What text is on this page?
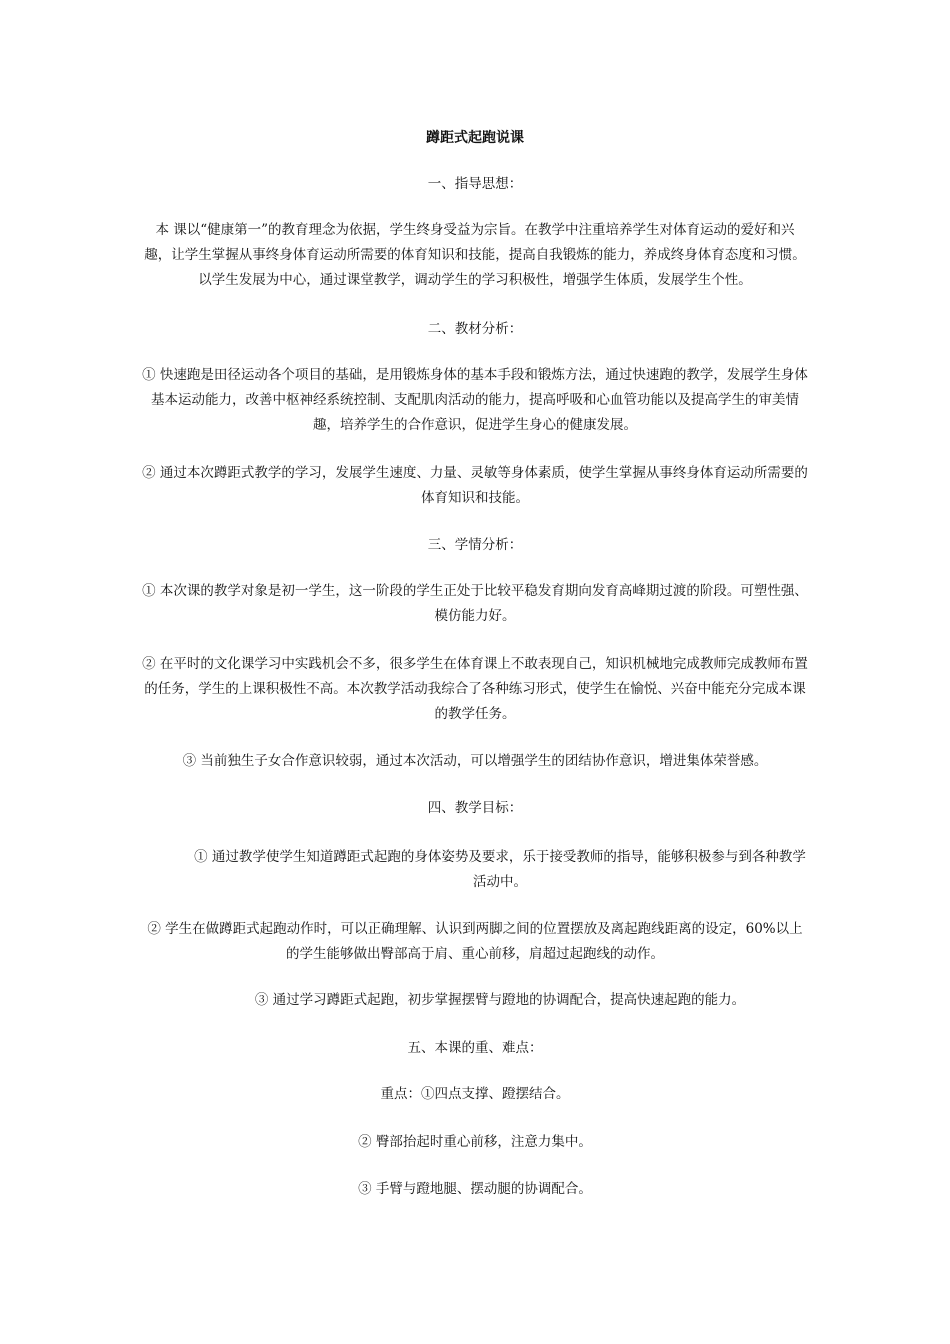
蹲距式起跑说课
一、指导思想：

本 课以“健康第一”的教育理念为依据，学生终身受益为宗旨。在教学中注重培养学生对体育运动的爱好和兴趣，让学生掌握从事终身体育运动所需要的体育知识和技能，提高自我锻炼的能力，养成终身体育态度和习惯。以学生发展为中心，通过课堂教学，调动学生的学习积极性，增强学生体质，发展学生个性。

二、教材分析：

① 快速跑是田径运动各个项目的基础，是用锻炼身体的基本手段和锻炼方法，通过快速跑的教学，发展学生身体基本运动能力，改善中枢神经系统控制、支配肌肉活动的能力，提高呼吸和心血管功能以及提高学生的审美情趣，培养学生的合作意识，促进学生身心的健康发展。

② 通过本次蹲距式教学的学习，发展学生速度、力量、灵敏等身体素质，使学生掌握从事终身体育运动所需要的体育知识和技能。

三、学情分析：

① 本次课的教学对象是初一学生，这一阶段的学生正处于比较平稳发育期向发育高峰期过渡的阶段。可塑性强、模仿能力好。

② 在平时的文化课学习中实践机会不多，很多学生在体育课上不敢表现自己，知识机械地完成教师完成教师布置的任务，学生的上课积极性不高。本次教学活动我综合了各种练习形式，使学生在愉悦、兴奋中能充分完成本课的教学任务。

③ 当前独生子女合作意识较弱，通过本次活动，可以增强学生的团结协作意识，增进集体荣誉感。

四、教学目标：

① 通过教学使学生知道蹲距式起跑的身体姿势及要求，乐于接受教师的指导，能够积极参与到各种教学活动中。

② 学生在做蹲距式起跑动作时，可以正确理解、认识到两脚之间的位置摆放及离起跑线距离的设定，60%以上的学生能够做出臀部高于肩、重心前移，肩超过起跑线的动作。

③ 通过学习蹲距式起跑，初步掌握摆臂与蹬地的协调配合，提高快速起跑的能力。

五、本课的重、难点：

重点：①四点支撑、蹬摆结合。

② 臀部抬起时重心前移，注意力集中。

③ 手臂与蹬地腿、摆动腿的协调配合。
